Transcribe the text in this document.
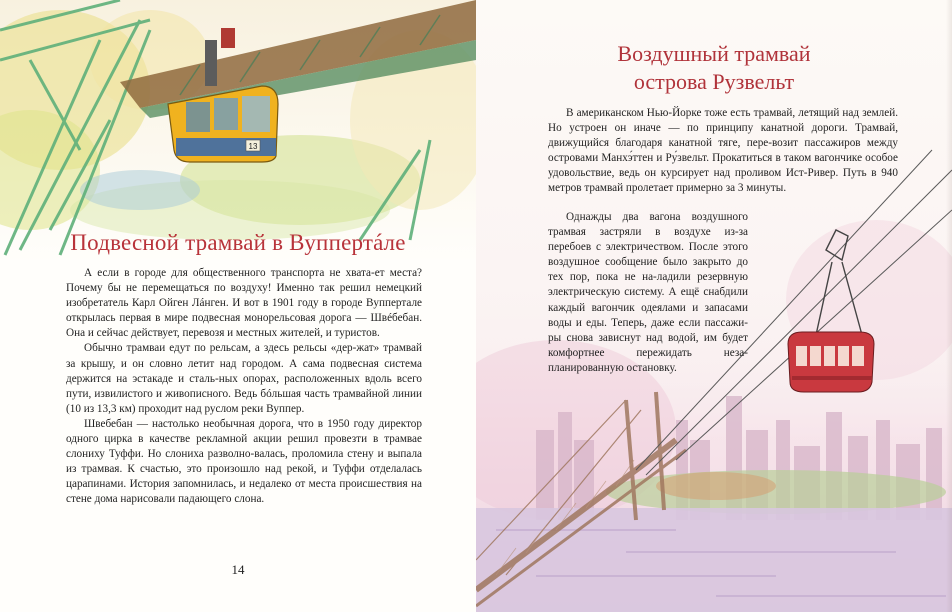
13
Подвесной трамвай в Вуппертáле

А если в городе для общественного транспорта не хвата-ет места? Почему бы не перемещаться по воздуху! Именно так решил немецкий изобретатель Карл Ойген Лáнген. И вот в 1901 году в городе Вуппертале открылась первая в мире подвесная монорельсовая дорога — Швéбебан. Она и сейчас действует, перевозя и местных жителей, и туристов.

Обычно трамваи едут по рельсам, а здесь рельсы «дер-жат» трамвай за крышу, и он словно летит над городом. А сама подвесная система держится на эстакаде и сталь-ных опорах, расположенных вдоль всего пути, извилистого и живописного. Ведь бóльшая часть трамвайной линии (10 из 13,3 км) проходит над руслом реки Вуппер.

Швебебан — настолько необычная дорога, что в 1950 году директор одного цирка в качестве рекламной акции решил провезти в трамвае слониху Туффи. Но слониха разволно-валась, проломила стену и выпала из трамвая. К счастью, это произошло над рекой, и Туффи отделалась царапинами. История запомнилась, и недалеко от места происшествия на стене дома нарисовали падающего слона.

14
Воздушный трамвай
острова Рузвельт

В американском Нью-Йорке тоже есть трамвай, летящий над землей. Но устроен он иначе — по принципу канатной дороги. Трамвай, движущийся благодаря канатной тяге, пере-возит пассажиров между островами Манхэ́ттен и Ру́звельт. Прокатиться в таком вагончике особое удовольствие, ведь он курсирует над проливом Ист-Ривер. Путь в 940 метров трамвай пролетает примерно за 3 минуты.

Однажды два вагона воздушного трамвая застряли в воздухе из-за перебоев с электричеством. После этого воздушное сообщение было закрыто до тех пор, пока не на-ладили резервную электрическую систему. А ещё снабдили каждый вагончик одеялами и запасами воды и еды. Теперь, даже если пассажи-ры снова зависнут над водой, им будет комфортнее пережидать неза-планированную остановку.
